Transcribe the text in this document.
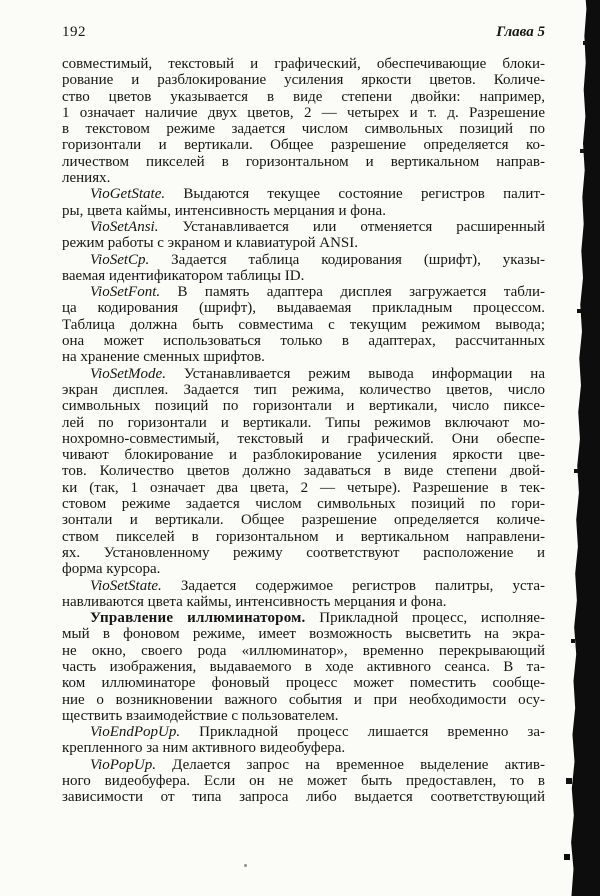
192	Глава 5
совместимый, текстовый и графический, обеспечивающие блоки-
рование и разблокирование усиления яркости цветов. Количе-
ство цветов указывается в виде степени двойки: например,
1 означает наличие двух цветов, 2 — четырех и т. д. Разрешение
в текстовом режиме задается числом символьных позиций по
горизонтали и вертикали. Общее разрешение определяется ко-
личеством пикселей в горизонтальном и вертикальном направ-
лениях.
VioGetState. Выдаются текущее состояние регистров палит-
ры, цвета каймы, интенсивность мерцания и фона.
VioSetAnsi. Устанавливается или отменяется расширенный
режим работы с экраном и клавиатурой ANSI.
VioSetCp. Задается таблица кодирования (шрифт), указы-
ваемая идентификатором таблицы ID.
VioSetFont. В память адаптера дисплея загружается табли-
ца кодирования (шрифт), выдаваемая прикладным процессом.
Таблица должна быть совместима с текущим режимом вывода;
она может использоваться только в адаптерах, рассчитанных
на хранение сменных шрифтов.
VioSetMode. Устанавливается режим вывода информации на
экран дисплея. Задается тип режима, количество цветов, число
символьных позиций по горизонтали и вертикали, число пиксе-
лей по горизонтали и вертикали. Типы режимов включают мо-
нохромно-совместимый, текстовый и графический. Они обеспе-
чивают блокирование и разблокирование усиления яркости цве-
тов. Количество цветов должно задаваться в виде степени двой-
ки (так, 1 означает два цвета, 2 — четыре). Разрешение в тек-
стовом режиме задается числом символьных позиций по гори-
зонтали и вертикали. Общее разрешение определяется количе-
ством пикселей в горизонтальном и вертикальном направлени-
ях. Установленному режиму соответствуют расположение и
форма курсора.
VioSetState. Задается содержимое регистров палитры, уста-
навливаются цвета каймы, интенсивность мерцания и фона.
Управление иллюминатором. Прикладной процесс, исполняе-
мый в фоновом режиме, имеет возможность высветить на экра-
не окно, своего рода «иллюминатор», временно перекрывающий
часть изображения, выдаваемого в ходе активного сеанса. В та-
ком иллюминаторе фоновый процесс может поместить сообще-
ние о возникновении важного события и при необходимости осу-
ществить взаимодействие с пользователем.
VioEndPopUp. Прикладной процесс лишается временно за-
крепленного за ним активного видеобуфера.
VioPopUp. Делается запрос на временное выделение актив-
ного видеобуфера. Если он не может быть предоставлен, то в
зависимости от типа запроса либо выдается соответствующий
